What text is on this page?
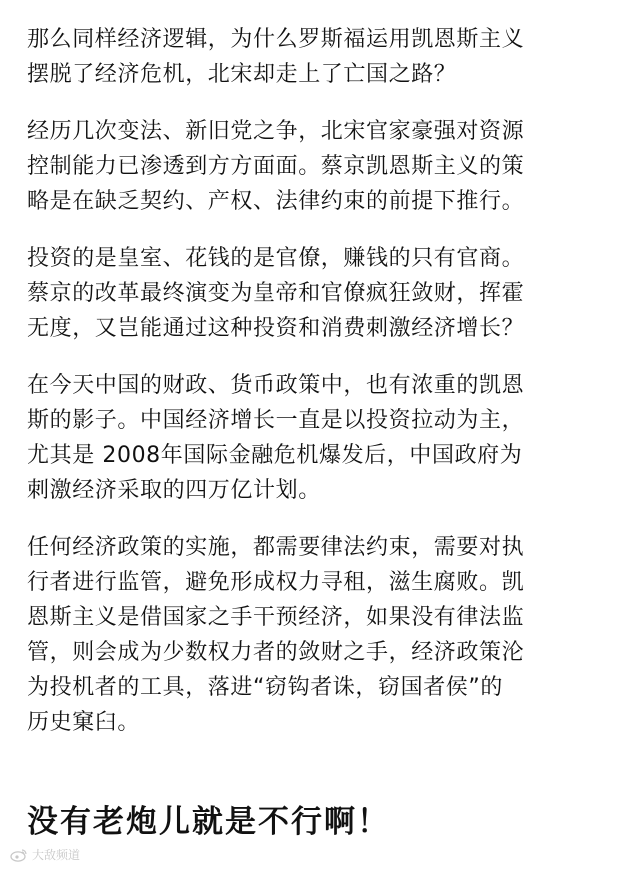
那么同样经济逻辑，为什么罗斯福运用凯恩斯主义
摆脱了经济危机，北宋却走上了亡国之路？

经历几次变法、新旧党之争，北宋官家豪强对资源
控制能力已渗透到方方面面。蔡京凯恩斯主义的策
略是在缺乏契约、产权、法律约束的前提下推行。

投资的是皇室、花钱的是官僚，赚钱的只有官商。
蔡京的改革最终演变为皇帝和官僚疯狂敛财，挥霍
无度，又岂能通过这种投资和消费刺激经济增长？

在今天中国的财政、货币政策中，也有浓重的凯恩
斯的影子。中国经济增长一直是以投资拉动为主，
尤其是 2008年国际金融危机爆发后，中国政府为
刺激经济采取的四万亿计划。

任何经济政策的实施，都需要律法约束，需要对执
行者进行监管，避免形成权力寻租，滋生腐败。凯
恩斯主义是借国家之手干预经济，如果没有律法监
管，则会成为少数权力者的敛财之手，经济政策沦
为投机者的工具，落进“窃钩者诛，窃国者侯”的
历史窠臼。

没有老炮儿就是不行啊！
大敌频道
